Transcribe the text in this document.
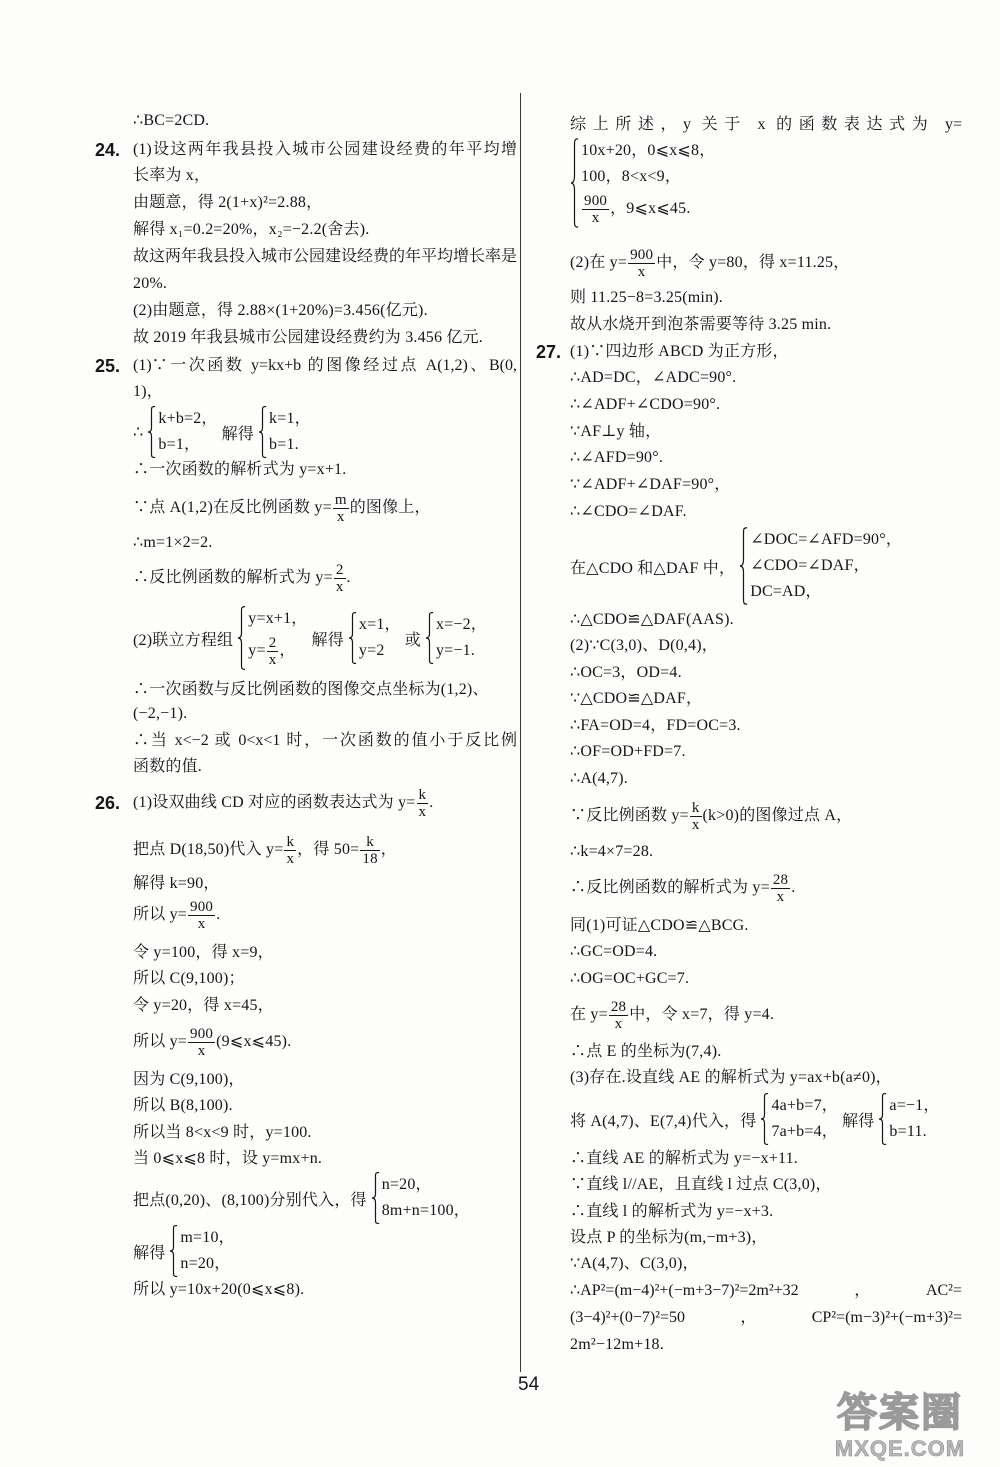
∴BC=2CD.
24. (1)设这两年我县投入城市公园建设经费的年平均增
长率为 x，
由题意，得 2(1+x)²=2.88，
解得 x₁=0.2=20%，x₂=−2.2(舍去).
故这两年我县投入城市公园建设经费的年平均增长率是
20%.
(2)由题意，得 2.88×(1+20%)=3.456(亿元).
故 2019 年我县城市公园建设经费约为 3.456 亿元.
25. (1)∵一次函数 y=kx+b 的图像经过点 A(1,2)、B(0,
1)，
∴
k+b=2，
b=1，
解得
k=1，
b=1.
∴一次函数的解析式为 y=x+1.
∵点 A(1,2)在反比例函数 $y= \frac{m}{x}$ 的图像上，
∴m=1×2=2.
∴反比例函数的解析式为 $y= \frac{2}{x}$ .
(2)联立方程组
y=x+1，
$y= \frac{2}{x}$ ，
解得
x=1，
y=2
或
x=−2，
y=−1.
∴一次函数与反比例函数的图像交点坐标为(1,2)、
(−2,−1).
∴当 x<−2 或 0<x<1 时，一次函数的值小于反比例
函数的值.
26. (1)设双曲线 CD 对应的函数表达式为 $y= \frac{k}{x}$ .
把点 D(18,50)代入 $y= \frac{k}{x}$ ，得 $50= \frac{k}{18}$ ，
解得 k=90，
所以 $y= \frac{900}{x}$ .
令 y=100，得 x=9，
所以 C(9,100)；
令 y=20，得 x=45，
所以 $y= \frac{900}{x}$ (9⩽x⩽45).
因为 C(9,100)，
所以 B(8,100).
所以当 8<x<9 时，y=100.
当 0⩽x⩽8 时，设 y=mx+n.
把点(0,20)、(8,100)分别代入，得
n=20，
8m+n=100，
解得
m=10，
n=20，
所以 y=10x+20(0⩽x⩽8).
综上所述，y 关于 x 的函数表达式为 y=
10x+20，0⩽x⩽8，
100，8<x<9，
$\frac{900}{x}$ ，9⩽x⩽45.
(2)在 $y= \frac{900}{x}$ 中，令 y=80，得 x=11.25，
则 11.25−8=3.25(min).
故从水烧开到泡茶需要等待 3.25 min.
27. (1)∵四边形 ABCD 为正方形，
∴AD=DC，∠ADC=90°.
∴∠ADF+∠CDO=90°.
∵AF⊥y 轴，
∴∠AFD=90°.
∵∠ADF+∠DAF=90°，
∴∠CDO=∠DAF.
在△CDO 和△DAF 中，
∠DOC=∠AFD=90°，
∠CDO=∠DAF，
DC=AD，
∴△CDO≌△DAF(AAS).
(2)∵C(3,0)、D(0,4)，
∴OC=3，OD=4.
∵△CDO≌△DAF，
∴FA=OD=4，FD=OC=3.
∴OF=OD+FD=7.
∴A(4,7).
∵反比例函数 $y= \frac{k}{x} (k>0)$的图像过点 A，
∴k=4×7=28.
∴反比例函数的解析式为 $y= \frac{28}{x}$ .
同(1)可证△CDO≌△BCG.
∴GC=OD=4.
∴OG=OC+GC=7.
在 $y= \frac{28}{x}$ 中，令 x=7，得 y=4.
∴点 E 的坐标为(7,4).
(3)存在.设直线 AE 的解析式为 y=ax+b(a≠0)，
将 A(4,7)、E(7,4)代入，得
4a+b=7，
7a+b=4，
解得
a=−1，
b=11.
∴直线 AE 的解析式为 y=−x+11.
∵直线 l//AE，且直线 l 过点 C(3,0)，
∴直线 l 的解析式为 y=−x+3.
设点 P 的坐标为(m,−m+3)，
∵A(4,7)、C(3,0)，
∴AP²=(m−4)²+(−m+3−7)²=2m²+32，AC²=
(3−4)²+(0−7)²=50，CP²=(m−3)²+(−m+3)²=
2m²−12m+18.
54
答案圈
MXQE.COM
